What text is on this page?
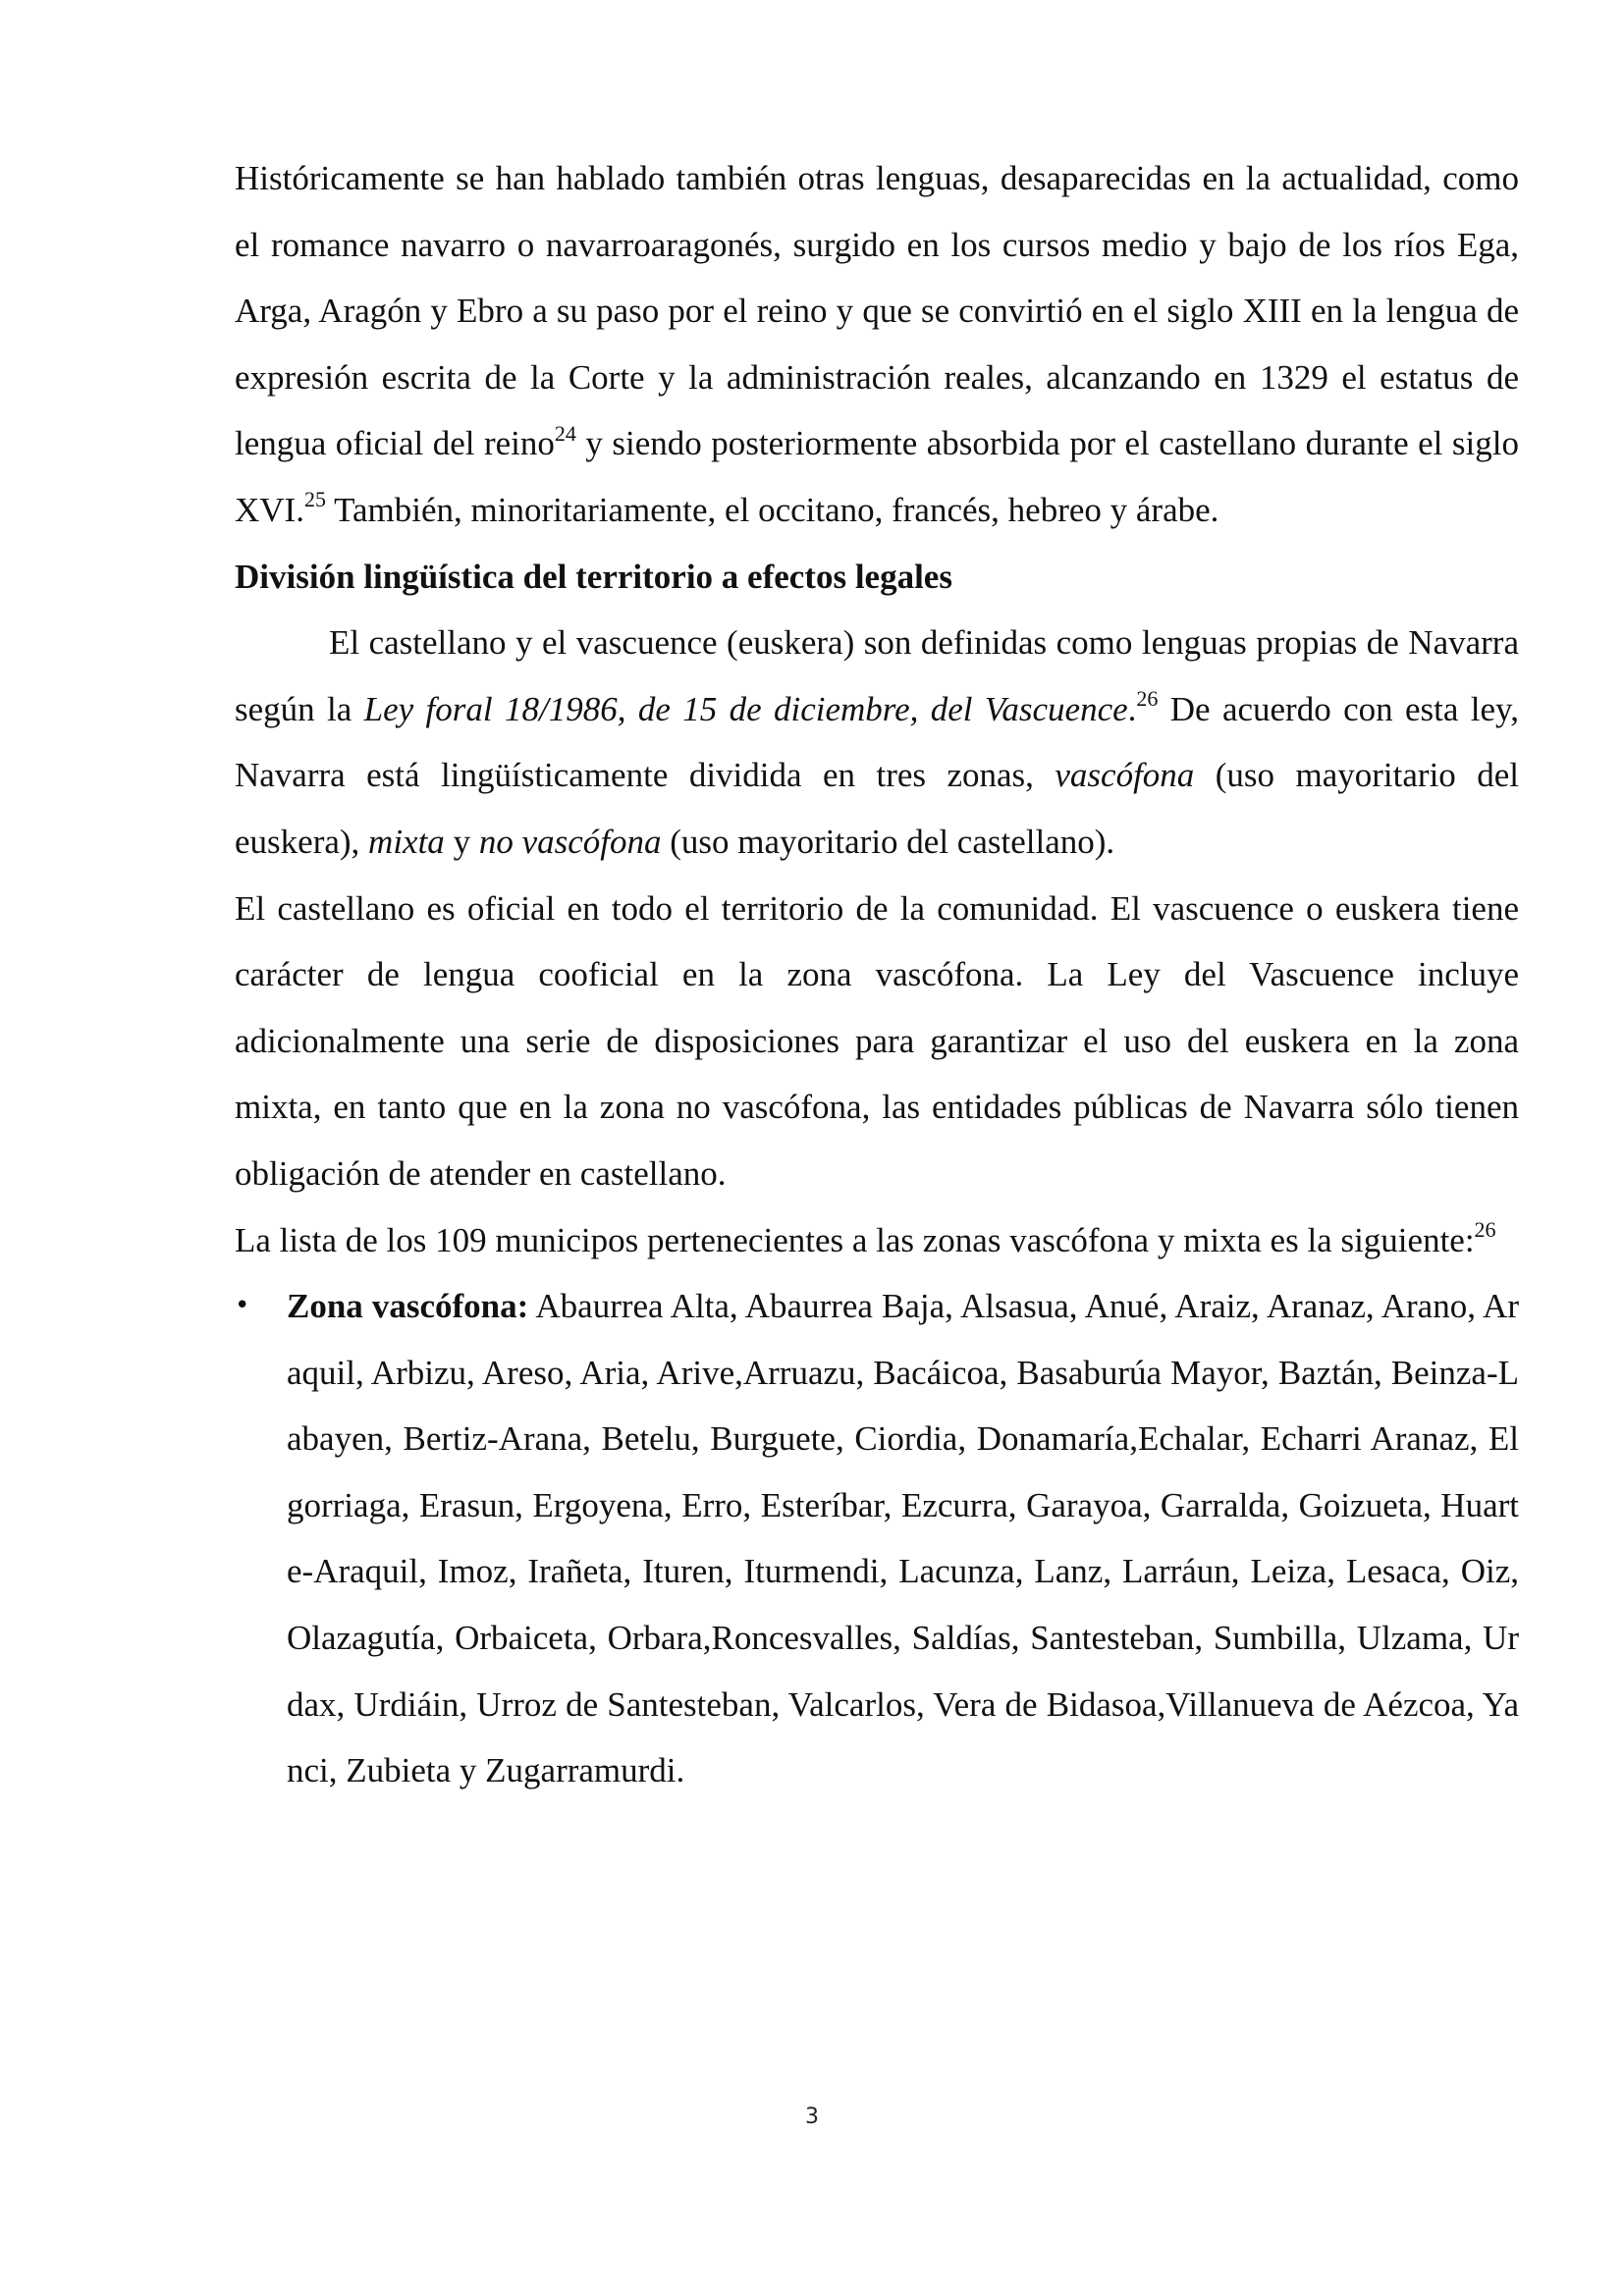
Históricamente se han hablado también otras lenguas, desaparecidas en la actualidad, como el romance navarro o navarroaragonés, surgido en los cursos medio y bajo de los ríos Ega, Arga, Aragón y Ebro a su paso por el reino y que se convirtió en el siglo XIII en la lengua de expresión escrita de la Corte y la administración reales, alcanzando en 1329 el estatus de lengua oficial del reino$^{24}$ y siendo posteriormente absorbida por el castellano durante el siglo XVI.$^{25}$ También, minoritariamente, el occitano, francés, hebreo y árabe.

División lingüística del territorio a efectos legales

El castellano y el vascuence (euskera) son definidas como lenguas propias de Navarra según la Ley foral 18/1986, de 15 de diciembre, del Vascuence.$^{26}$ De acuerdo con esta ley, Navarra está lingüísticamente dividida en tres zonas, vascófona (uso mayoritario del euskera), mixta y no vascófona (uso mayoritario del castellano).

El castellano es oficial en todo el territorio de la comunidad. El vascuence o euskera tiene carácter de lengua cooficial en la zona vascófona. La Ley del Vascuence incluye adicionalmente una serie de disposiciones para garantizar el uso del euskera en la zona mixta, en tanto que en la zona no vascófona, las entidades públicas de Navarra sólo tienen obligación de atender en castellano.

La lista de los 109 municipos pertenecientes a las zonas vascófona y mixta es la siguiente:$^{26}$

• Zona vascófona: Abaurrea Alta, Abaurrea Baja, Alsasua, Anué, Araiz, Aranaz, Arano, Araquil, Arbizu, Areso, Aria, Arive,Arruazu, Bacáicoa, Basaburúa Mayor, Baztán, Beinza-Labayen, Bertiz-Arana, Betelu, Burguete, Ciordia, Donamaría,Echalar, Echarri Aranaz, Elgorriaga, Erasun, Ergoyena, Erro, Esteríbar, Ezcurra, Garayoa, Garralda, Goizueta, Huarte-Araquil, Imoz, Irañeta, Ituren, Iturmendi, Lacunza, Lanz, Larráun, Leiza, Lesaca, Oiz, Olazagutía, Orbaiceta, Orbara,Roncesvalles, Saldías, Santesteban, Sumbilla, Ulzama, Urdax, Urdiáin, Urroz de Santesteban, Valcarlos, Vera de Bidasoa,Villanueva de Aézcoa, Yanci, Zubieta y Zugarramurdi.
3
